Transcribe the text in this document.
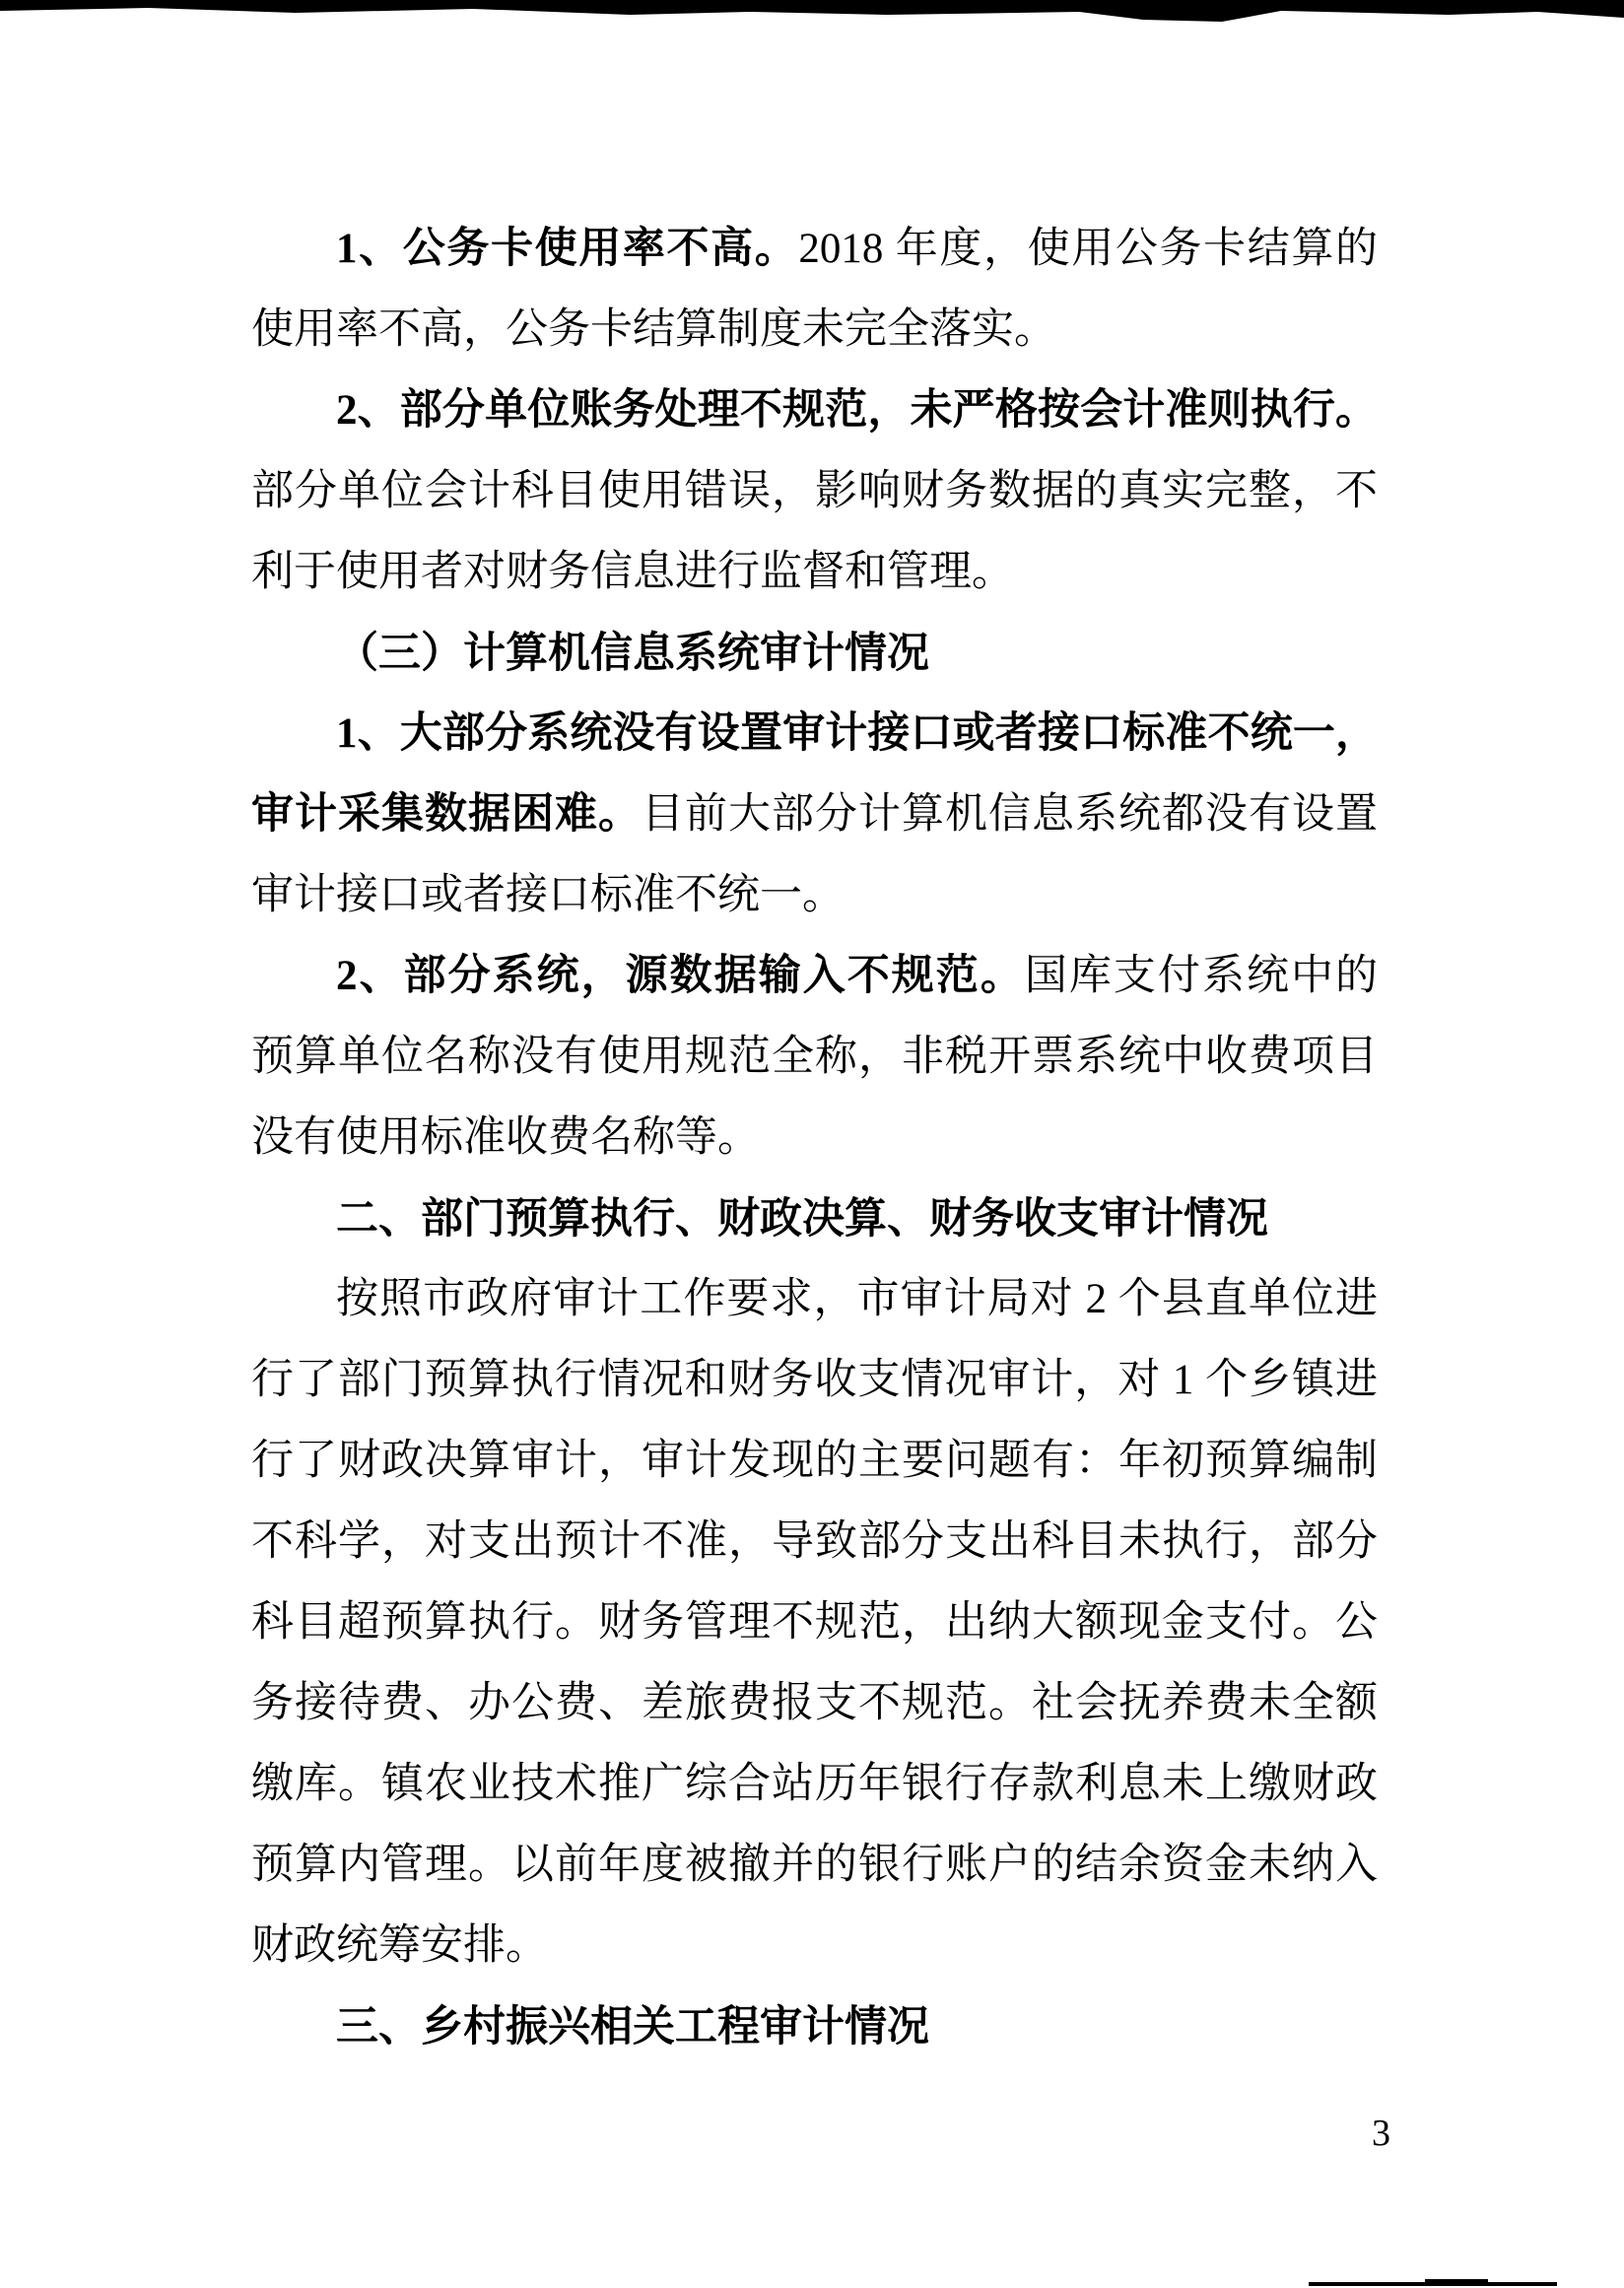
1、公务卡使用率不高。2018 年度，使用公务卡结算的
使用率不高，公务卡结算制度未完全落实。
2、部分单位账务处理不规范，未严格按会计准则执行。
部分单位会计科目使用错误，影响财务数据的真实完整，不
利于使用者对财务信息进行监督和管理。
（三）计算机信息系统审计情况
1、大部分系统没有设置审计接口或者接口标准不统一，
审计采集数据困难。目前大部分计算机信息系统都没有设置
审计接口或者接口标准不统一。
2、部分系统，源数据输入不规范。国库支付系统中的
预算单位名称没有使用规范全称，非税开票系统中收费项目
没有使用标准收费名称等。
二、部门预算执行、财政决算、财务收支审计情况
按照市政府审计工作要求，市审计局对 2 个县直单位进
行了部门预算执行情况和财务收支情况审计，对 1 个乡镇进
行了财政决算审计，审计发现的主要问题有：年初预算编制
不科学，对支出预计不准，导致部分支出科目未执行，部分
科目超预算执行。财务管理不规范，出纳大额现金支付。公
务接待费、办公费、差旅费报支不规范。社会抚养费未全额
缴库。镇农业技术推广综合站历年银行存款利息未上缴财政
预算内管理。以前年度被撤并的银行账户的结余资金未纳入
财政统筹安排。
三、乡村振兴相关工程审计情况
3
